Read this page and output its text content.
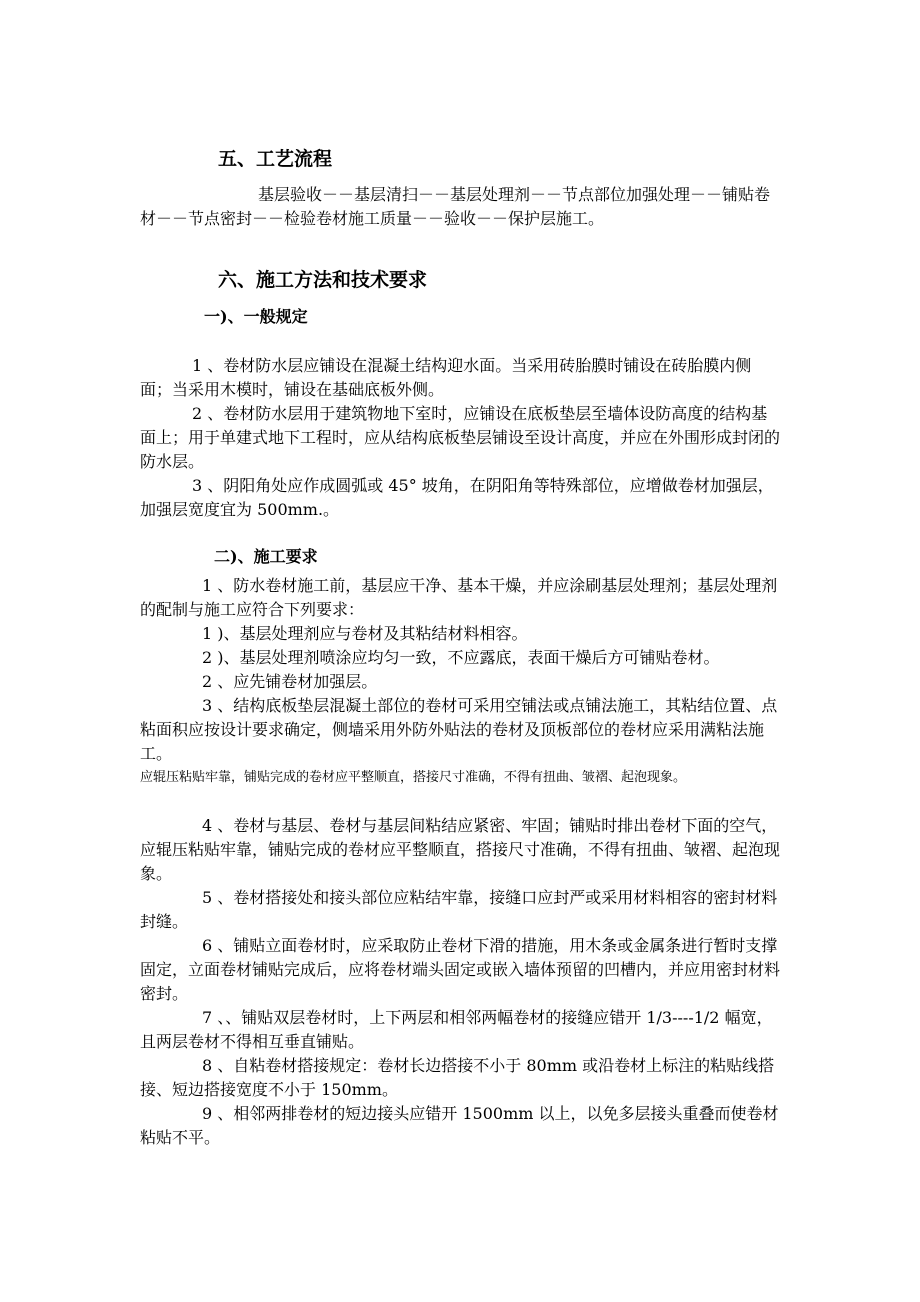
五、工艺流程

基层验收－－基层清扫－－基层处理剂－－节点部位加强处理－－铺贴卷材－－节点密封－－检验卷材施工质量－－验收－－保护层施工。

六、施工方法和技术要求
一)、一般规定

1 、卷材防水层应铺设在混凝土结构迎水面。当采用砖胎膜时铺设在砖胎膜内侧面；当采用木模时，铺设在基础底板外侧。

2 、卷材防水层用于建筑物地下室时，应铺设在底板垫层至墙体设防高度的结构基面上；用于单建式地下工程时，应从结构底板垫层铺设至设计高度，并应在外围形成封闭的防水层。

3 、阴阳角处应作成圆弧或 45° 坡角，在阴阳角等特殊部位，应增做卷材加强层，加强层宽度宜为 500mm.。

二)、施工要求

1 、防水卷材施工前，基层应干净、基本干燥，并应涂刷基层处理剂；基层处理剂的配制与施工应符合下列要求：

1 )、基层处理剂应与卷材及其粘结材料相容。

2 )、基层处理剂喷涂应均匀一致，不应露底，表面干燥后方可铺贴卷材。

2 、应先铺卷材加强层。

3 、结构底板垫层混凝土部位的卷材可采用空铺法或点铺法施工，其粘结位置、点粘面积应按设计要求确定，侧墙采用外防外贴法的卷材及顶板部位的卷材应采用满粘法施工。

应辊压粘贴牢靠，铺贴完成的卷材应平整顺直，搭接尺寸准确，不得有扭曲、皱褶、起泡现象。

4 、卷材与基层、卷材与基层间粘结应紧密、牢固；铺贴时排出卷材下面的空气，应辊压粘贴牢靠，铺贴完成的卷材应平整顺直，搭接尺寸准确，不得有扭曲、皱褶、起泡现象。

5 、卷材搭接处和接头部位应粘结牢靠，接缝口应封严或采用材料相容的密封材料封缝。

6 、铺贴立面卷材时，应采取防止卷材下滑的措施，用木条或金属条进行暂时支撑固定，立面卷材铺贴完成后，应将卷材端头固定或嵌入墙体预留的凹槽内，并应用密封材料密封。

7 、、铺贴双层卷材时，上下两层和相邻两幅卷材的接缝应错开 1/3----1/2 幅宽，且两层卷材不得相互垂直铺贴。

8 、自粘卷材搭接规定：卷材长边搭接不小于 80mm 或沿卷材上标注的粘贴线搭接、短边搭接宽度不小于 150mm。

9 、相邻两排卷材的短边接头应错开 1500mm 以上，以免多层接头重叠而使卷材粘贴不平。
